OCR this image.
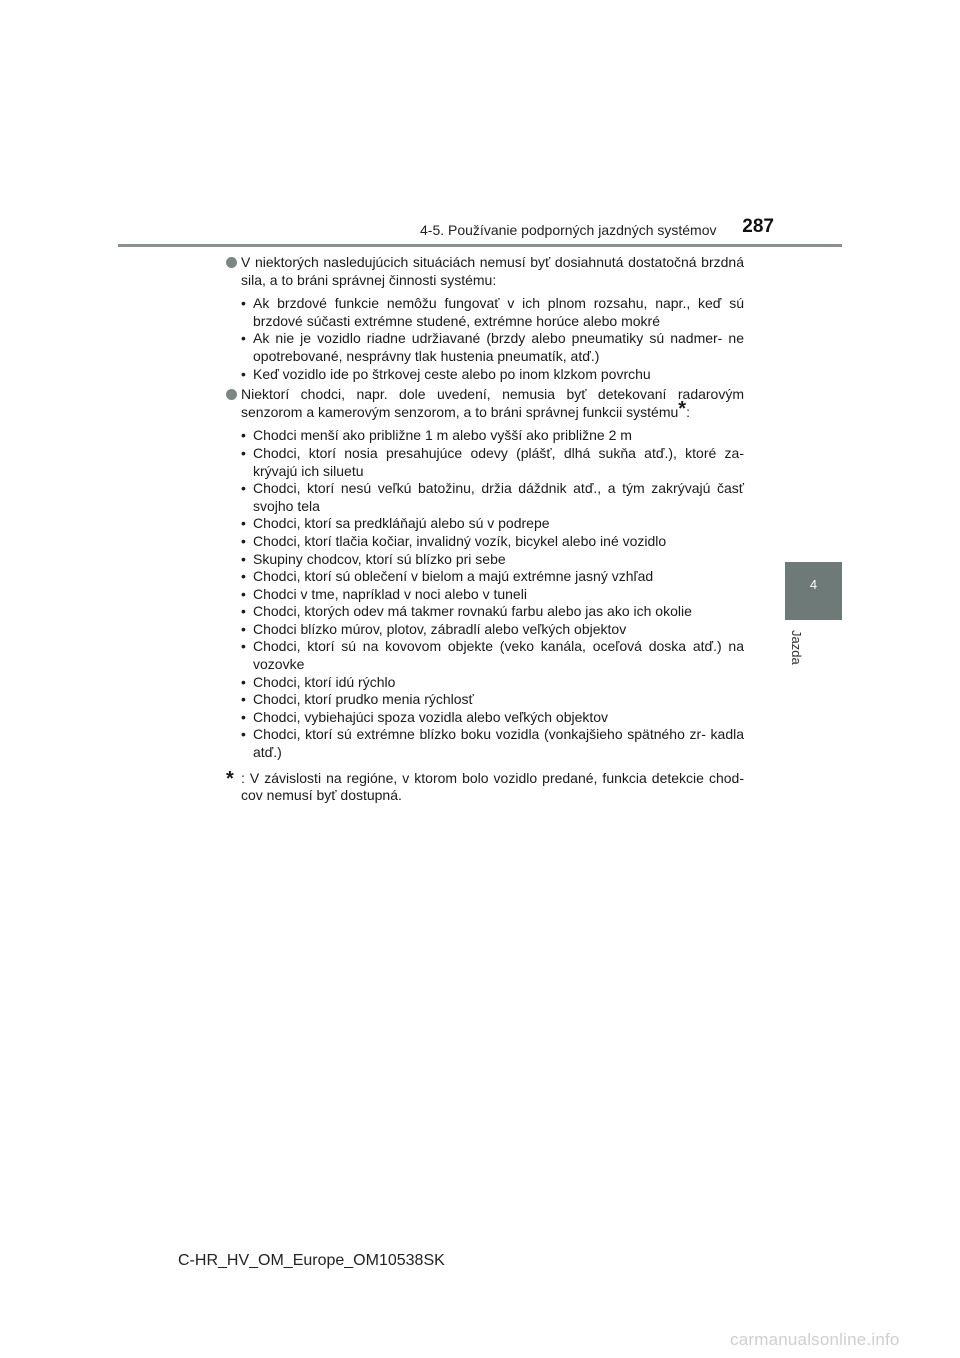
4-5. Používanie podporných jazdných systémov	287
4
Jazda
V niektorých nasledujúcich situáciách nemusí byť dosiahnutá dostatočná brzdná sila, a to bráni správnej činnosti systému:
• Ak brzdové funkcie nemôžu fungovať v ich plnom rozsahu, napr., keď sú brzdové súčasti extrémne studené, extrémne horúce alebo mokré
• Ak nie je vozidlo riadne udržiavané (brzdy alebo pneumatiky sú nadmer- ne opotrebované, nesprávny tlak hustenia pneumatík, atď.)
• Keď vozidlo ide po štrkovej ceste alebo po inom klzkom povrchu
Niektorí chodci, napr. dole uvedení, nemusia byť detekovaní radarovým senzorom a kamerovým senzorom, a to bráni správnej funkcii systému*:
• Chodci menší ako približne 1 m alebo vyšší ako približne 2 m
• Chodci, ktorí nosia presahujúce odevy (plášť, dlhá sukňa atď.), ktoré za- krývajú ich siluetu
• Chodci, ktorí nesú veľkú batožinu, držia dáždnik atď., a tým zakrývajú časť svojho tela
• Chodci, ktorí sa predkláňajú alebo sú v podrepe
• Chodci, ktorí tlačia kočiar, invalidný vozík, bicykel alebo iné vozidlo
• Skupiny chodcov, ktorí sú blízko pri sebe
• Chodci, ktorí sú oblečení v bielom a majú extrémne jasný vzhľad
• Chodci v tme, napríklad v noci alebo v tuneli
• Chodci, ktorých odev má takmer rovnakú farbu alebo jas ako ich okolie
• Chodci blízko múrov, plotov, zábradlí alebo veľkých objektov
• Chodci, ktorí sú na kovovom objekte (veko kanála, oceľová doska atď.) na vozovke
• Chodci, ktorí idú rýchlo
• Chodci, ktorí prudko menia rýchlosť
• Chodci, vybiehajúci spoza vozidla alebo veľkých objektov
• Chodci, ktorí sú extrémne blízko boku vozidla (vonkajšieho spätného zr- kadla atď.)
* : V závislosti na regióne, v ktorom bolo vozidlo predané, funkcia detekcie chod- cov nemusí byť dostupná.
C-HR_HV_OM_Europe_OM10538SK
carmanualsonline.info
